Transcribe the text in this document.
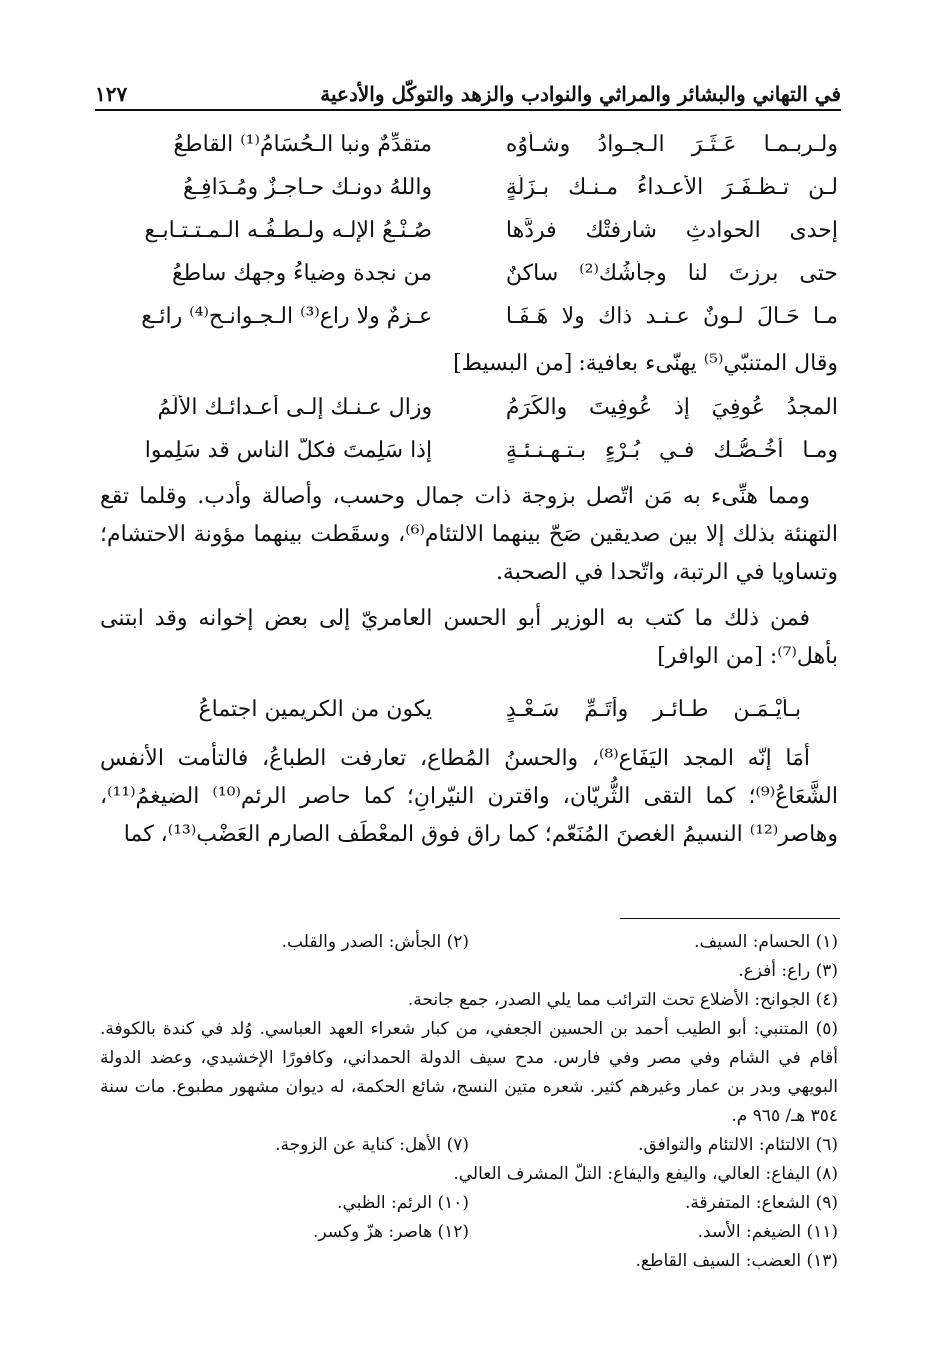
في التهاني والبشائر والمراثي والنوادب والزهد والتوكّل والأدعية
١٢٧
ولـربـمـا عَـثَـرَ الـجـوادُ وشـأْوُه
متقدِّمٌ ونبا الـحُسَامُ⁽¹⁾ القاطعُ
لـن تـظـفَـرَ الأعـداءُ مـنـك بـزَلَّةٍ
واللهُ دونـك حـاجـزٌ ومُـدَافِـعُ
إحدى الحوادثِ شارفتْك فردَّها
صُـنْـعُ الإلـه ولـطـفُـه الـمـتـتـابـع
حتى برزتَ لنا وجأشُك⁽²⁾ ساكنٌ
من نجدة وضياءُ وجهِك ساطعُ
مـا حَـالَ لـونٌ عـنـد ذاك ولا هَـفَـا
عـزمٌ ولا راع⁽³⁾ الـجـوانـح⁽⁴⁾ رائـع
وقال المتنبّي⁽⁵⁾ يهنّىء بعافية:
[من البسيط]
المجدُ عُوفِيَ إذ عُوفِيتَ والكَرَمُ
وزال عـنـك إلـى أعـدائـك الألَمُ
ومـا أخُـصُّـك فـي بُـرْءٍ بـتـهـنـئـةٍ
إذا سَلِمتَ فكلُّ الناس قد سَلِموا

ومما هنِّىء به مَن اتّصل بزوجة ذات جمال وحسب، وأصالة وأدب. وقلما تقع التهنئة بذلك إلا بين صديقين صَحّ بينهما الالتئام⁽⁶⁾، وسقَطت بينهما مؤونة الاحتشام؛ وتساويا في الرتبة، واتّحدا في الصحبة.

فمن ذلك ما كتب به الوزير أبو الحسن العامريّ إلى بعض إخوانه وقد ابتنى بأهل⁽⁷⁾: [من الوافر]

بـأيْـمَـنِ طـائـرٍ وأتَـمِّ سَـعْـدٍ
يكون من الكريمينِ اجتماعُ

أمَا إنّه المجد اليَفَاع⁽⁸⁾، والحسنُ المُطاع، تعارفت الطباعُ، فالتأمت الأنفس الشَّعَاعُ⁽⁹⁾؛ كما التقى الثُّريّان، واقترن النيّرانِ؛ كما حاصر الرئم⁽¹⁰⁾ الضيغمُ⁽¹¹⁾، وهاصر⁽¹²⁾ النسيمُ الغصنَ المُنَعّم؛ كما راق فوق المعْطَف الصارم العَضْب⁽¹³⁾، كما

(١) الحسام: السيف.
(٢) الجأش: الصدر والقلب.
(٣) راع: أفزع.
(٤) الجوانح: الأضلاع تحت الترائب مما يلي الصدر، جمع جانحة.
(٥) المتنبي: أبو الطيب أحمد بن الحسين الجعفي، من كبار شعراء العهد العباسي. وُلد في كندة بالكوفة. أقام في الشام وفي مصر وفي فارس. مدح سيف الدولة الحمداني، وكافورًا الإخشيدي، وعضد الدولة البويهي وبدر بن عمار وغيرهم كثير. شعره متين النسج، شائع الحكمة، له ديوان مشهور مطبوع. مات سنة ٣٥٤ هـ/ ٩٦٥ م.
(٦) الالتئام: الالتئام والتوافق.
(٧) الأهل: كناية عن الزوجة.
(٨) اليفاع: العالي، واليفع واليفاع: التلّ المشرف العالي.
(٩) الشعاع: المتفرقة.
(١٠) الرئم: الظبي.
(١١) الضيغم: الأسد.
(١٢) هاصر: هزّ وكسر.
(١٣) العضب: السيف القاطع.
